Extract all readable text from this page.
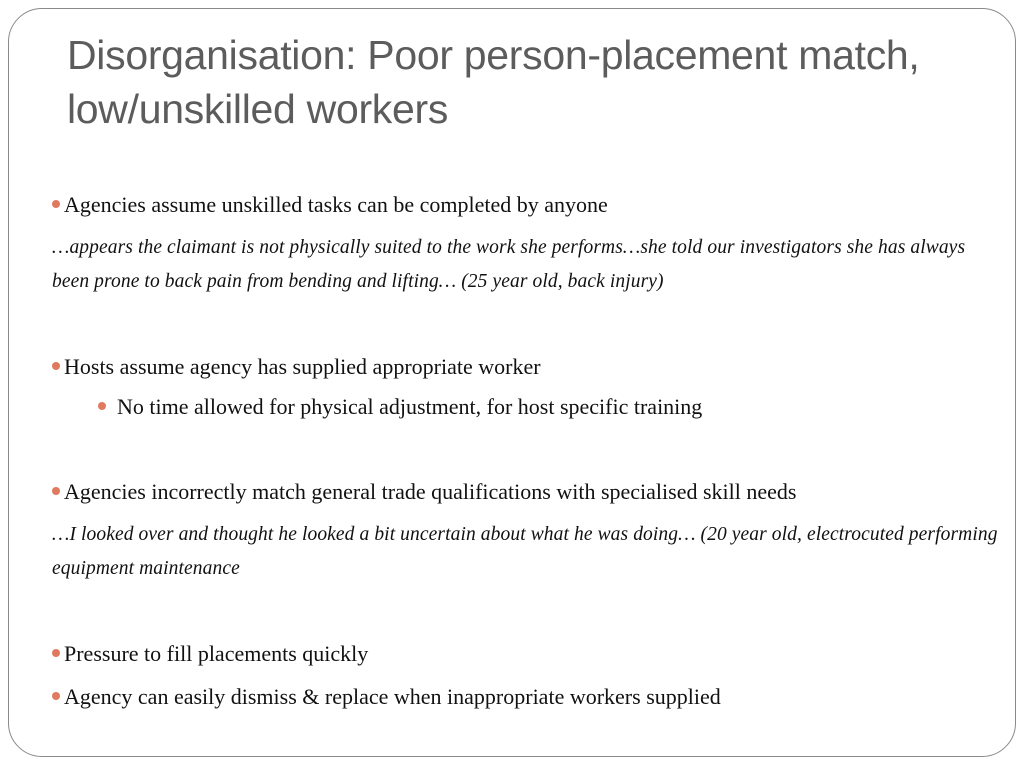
Disorganisation: Poor person-placement match, low/unskilled workers
Agencies assume unskilled tasks can be completed by anyone
…appears the claimant is not physically suited to the work she performs…she told our investigators she has always been prone to back pain from bending and lifting… (25 year old, back injury)
Hosts assume agency has supplied appropriate worker
No time allowed for physical adjustment, for host specific training
Agencies incorrectly match general trade qualifications with specialised skill needs
…I looked over and thought he looked a bit uncertain about what he was doing… (20 year old, electrocuted performing equipment maintenance
Pressure to fill placements quickly
Agency can easily dismiss & replace when inappropriate workers supplied
